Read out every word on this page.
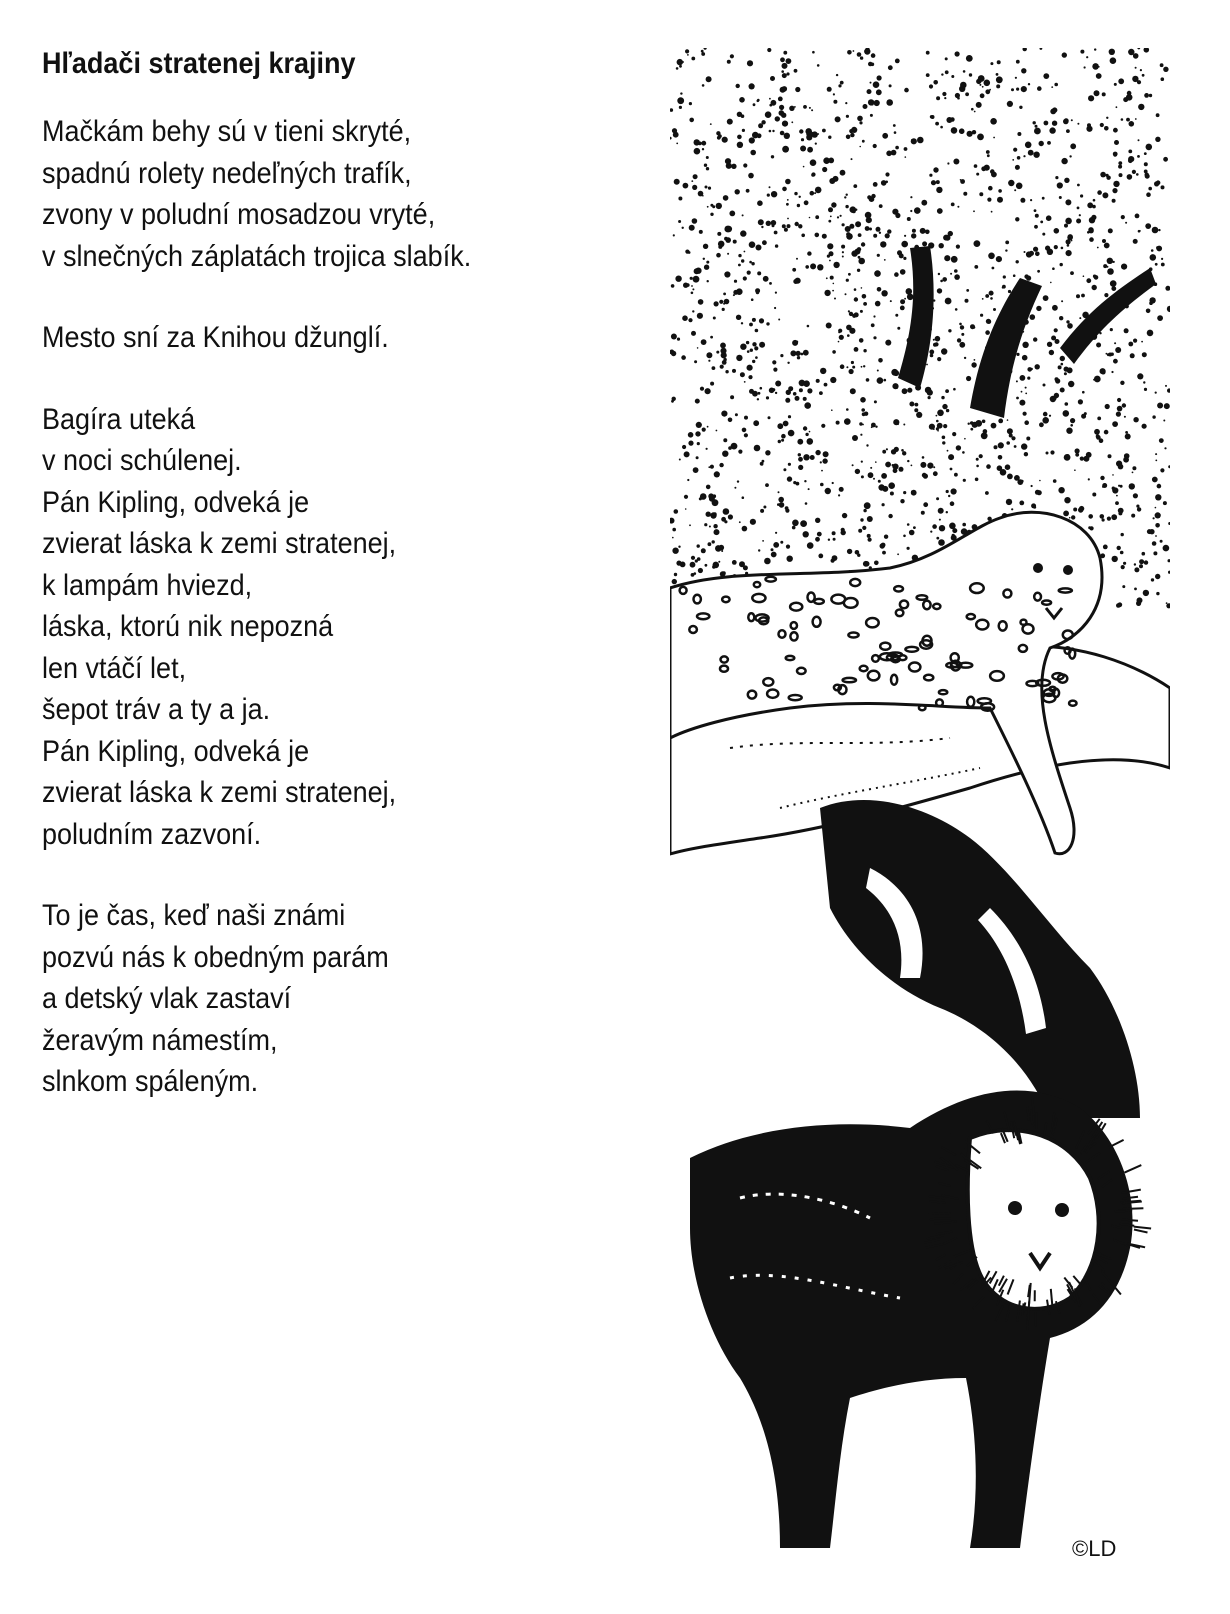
Hľadači stratenej krajiny
Mačkám behy sú v tieni skryté,
spadnú rolety nedeľných trafík,
zvony v poludní mosadzou vryté,
v slnečných záplatách trojica slabík.
Mesto sní za Knihou džunglí.
Bagíra uteká
v noci schúlenej.
Pán Kipling, odveká je
zvierat láska k zemi stratenej,
k lampám hviezd,
láska, ktorú nik nepozná
len vtáčí let,
šepot tráv a ty a ja.
Pán Kipling, odveká je
zvierat láska k zemi stratenej,
poludním zazvoní.
To je čas, keď naši známi
pozvú nás k obedným parám
a detský vlak zastaví
žeravým námestím,
slnkom spáleným.
©LD
